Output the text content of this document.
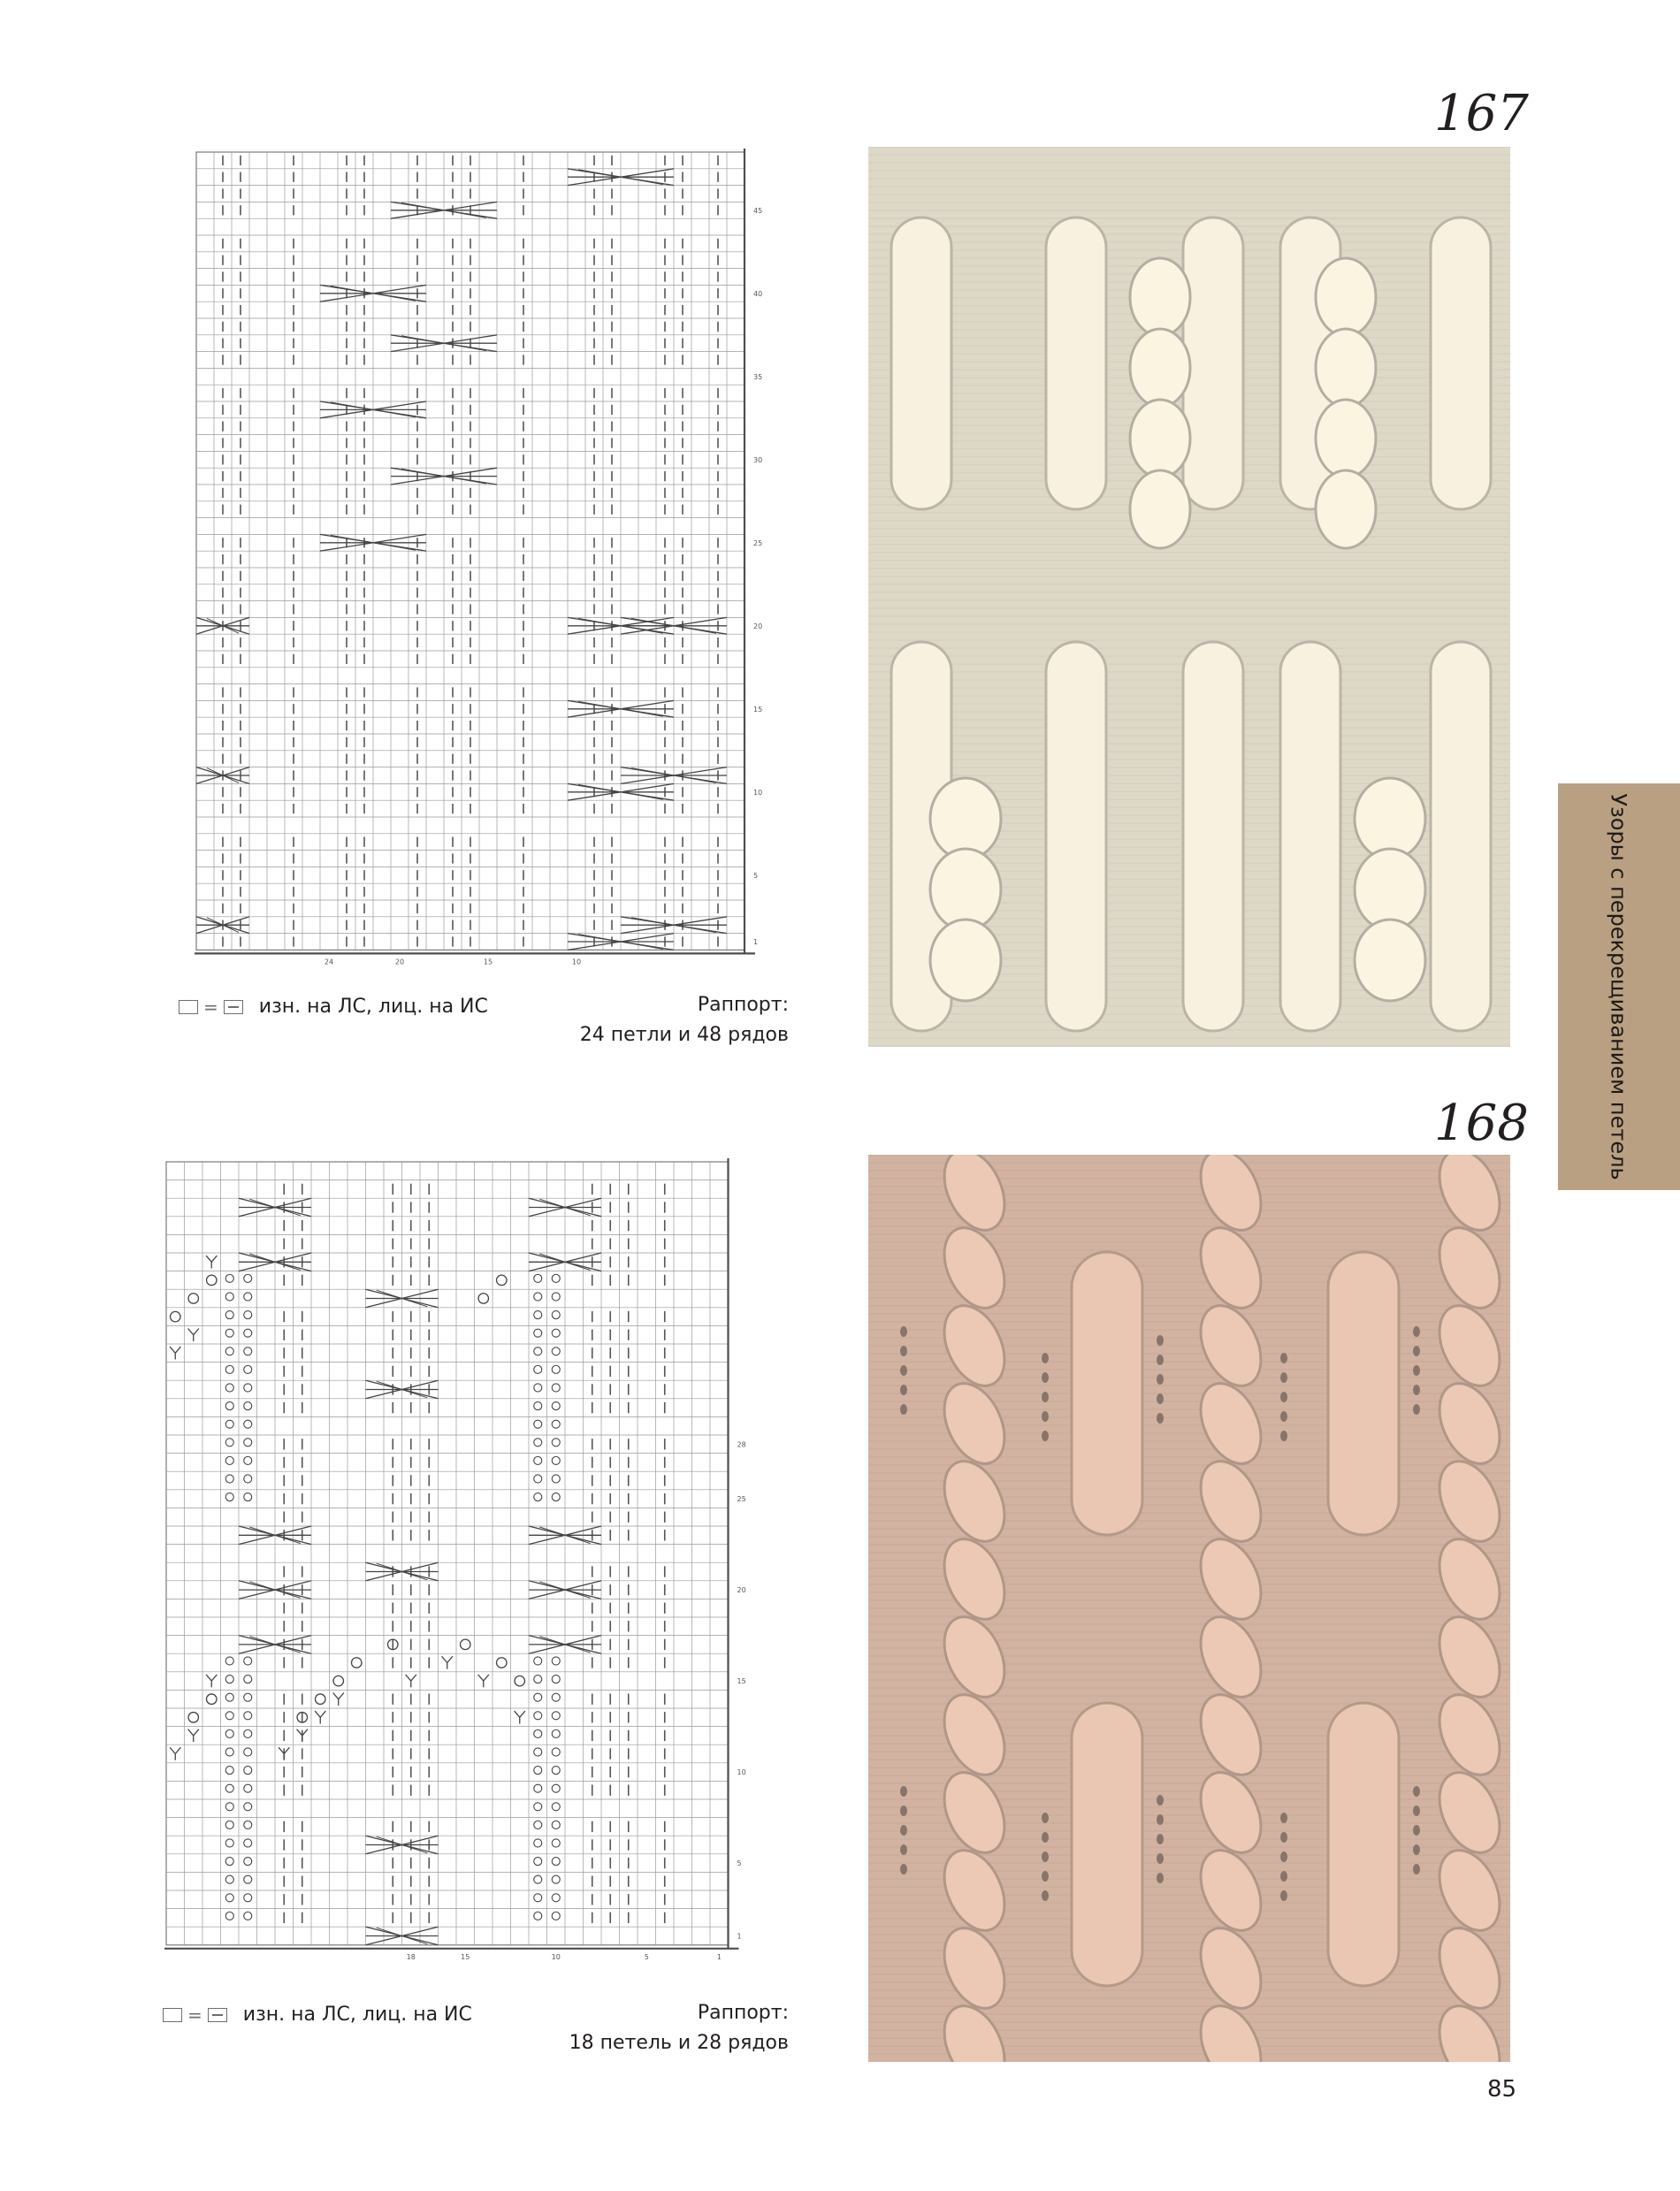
167
1
5
10
15
20
25
30
35
40
45
24	20	15	10
= изн. на ЛС, лиц. на ИС	Раппорт:
24 петли и 48 рядов
168
1
5
10
15
20
25
28
18	15	10	5	1
= изн. на ЛС, лиц. на ИС	Раппорт:
18 петель и 28 рядов
Узоры с перекрещиванием петель
85
